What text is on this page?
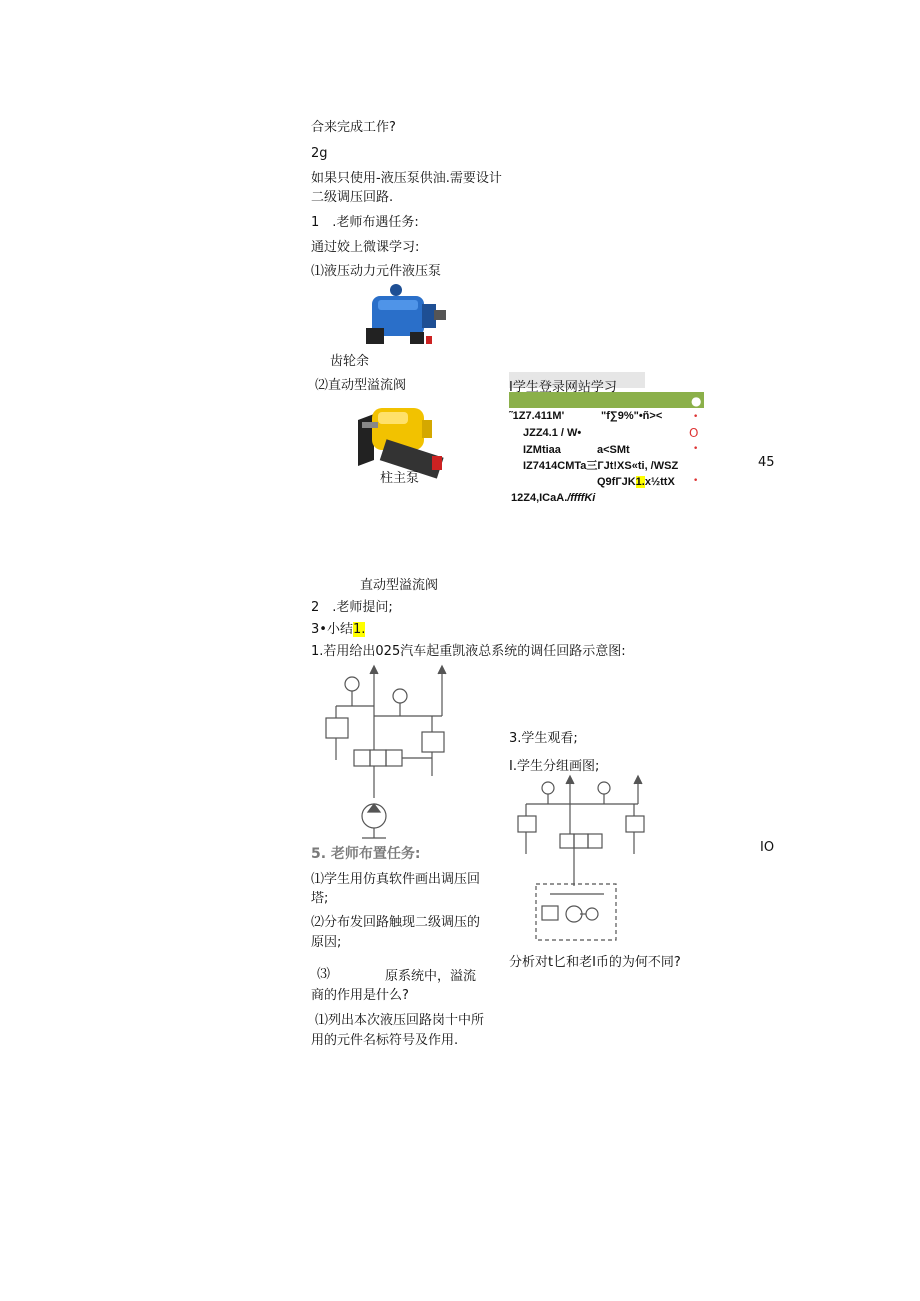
合来完成工作?
2g
如果只使用-液压泵供油.需要设计
二级调压回路.
1　.老师布遇任务:
通过姣上微课学习:
⑴液压动力元件液压泵
齿轮余
⑵直动型溢流阀
柱主泵
I学生登录网站学习
˜1Z7.411M'	"f∑9%"•ñ><
JZZ4.1 / W•	O
IZMtiaa	a<SMt
IZ7414CMTa三ГJt!XS«ti, /WSZ
Q9fГJK1.x½ttX
12Z4,ICaA./ffffKi
●
•
•
•
45
直动型溢流阀
2　.老师提问;
3•小结1.
1.若用给出025汽车起重凯液总系统的调任回路示意图:
5. 老师布置任务:
⑴学生用仿真软件画出调压回
塔;
⑵分布发回路触现二级调压的
原因;
⑶	原系统中，溢流
商的作用是什么?
⑴列出本次液压回路岗十中所
用的元件名标符号及作用.
3.学生观看;
I.学生分组画图;
分析对t匕和老I币的为何不同?
IO
